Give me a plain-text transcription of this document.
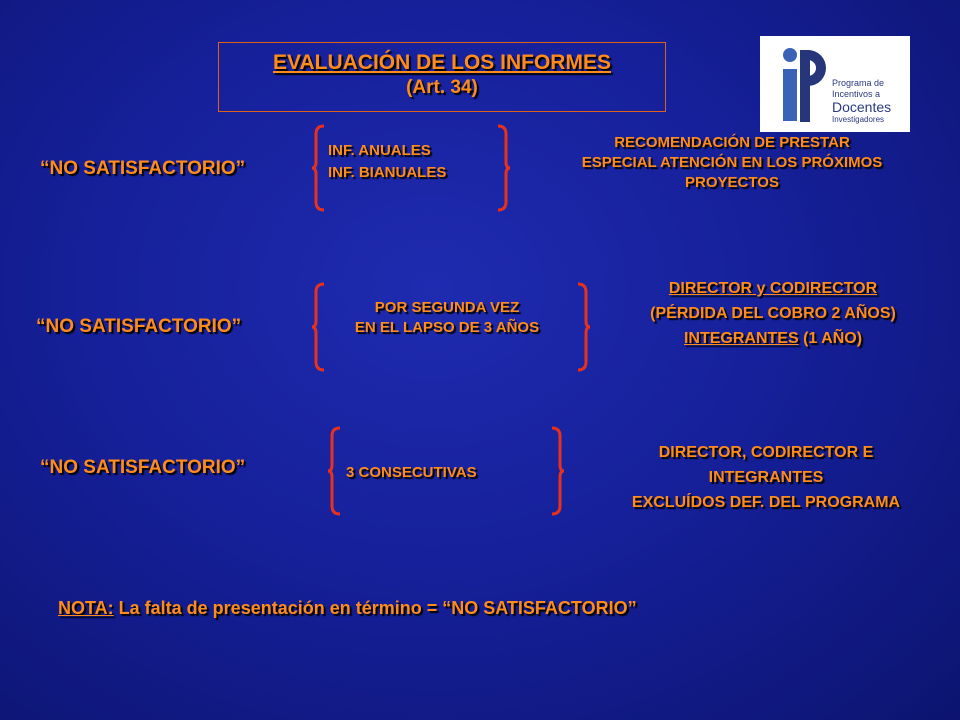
EVALUACIÓN DE LOS INFORMES
(Art. 34)	Programa de
Incentivos a
Docentes
Investigadores
“NO SATISFACTORIO”
INF. ANUALES
INF. BIANUALES
RECOMENDACIÓN DE PRESTAR
ESPECIAL ATENCIÓN EN LOS PRÓXIMOS
PROYECTOS
“NO SATISFACTORIO”
POR SEGUNDA VEZ
EN EL LAPSO DE 3 AÑOS
DIRECTOR y CODIRECTOR
(PÉRDIDA DEL COBRO 2 AÑOS)
INTEGRANTES (1 AÑO)
“NO SATISFACTORIO”	3 CONSECUTIVAS
DIRECTOR, CODIRECTOR E
INTEGRANTES
EXCLUÍDOS DEF. DEL PROGRAMA
NOTA: La falta de presentación en término = “NO SATISFACTORIO”
